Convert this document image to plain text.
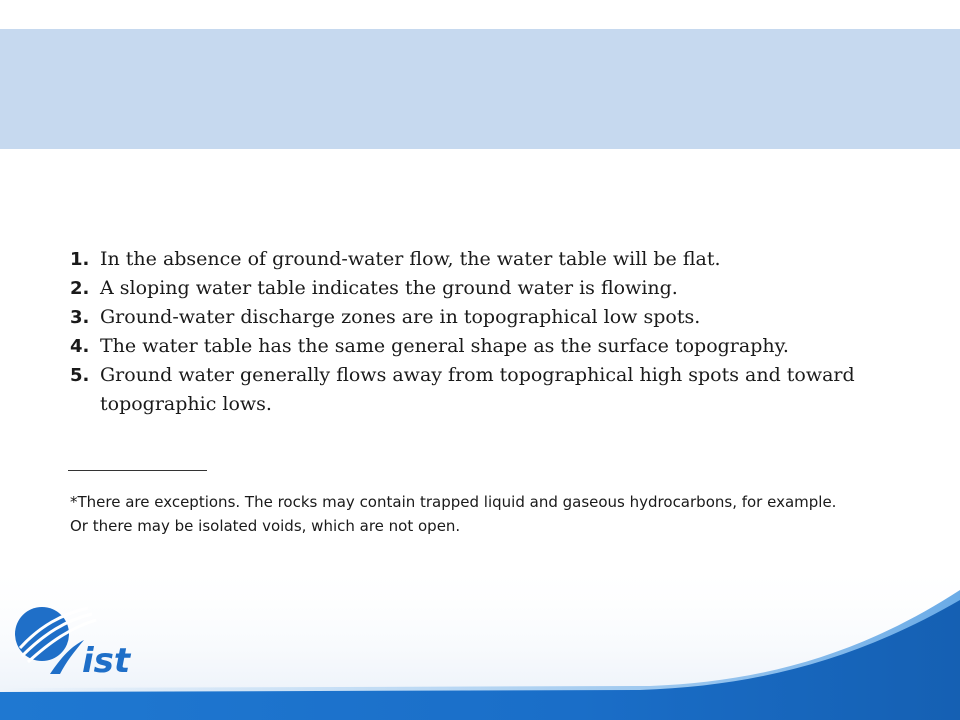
1. In the absence of ground-water flow, the water table will be flat.
2. A sloping water table indicates the ground water is flowing.
3. Ground-water discharge zones are in topographical low spots.
4. The water table has the same general shape as the surface topography.
5. Ground water generally flows away from topographical high spots and toward topographic lows.

*There are exceptions. The rocks may contain trapped liquid and gaseous hydrocarbons, for example. Or there may be isolated voids, which are not open.

ist
